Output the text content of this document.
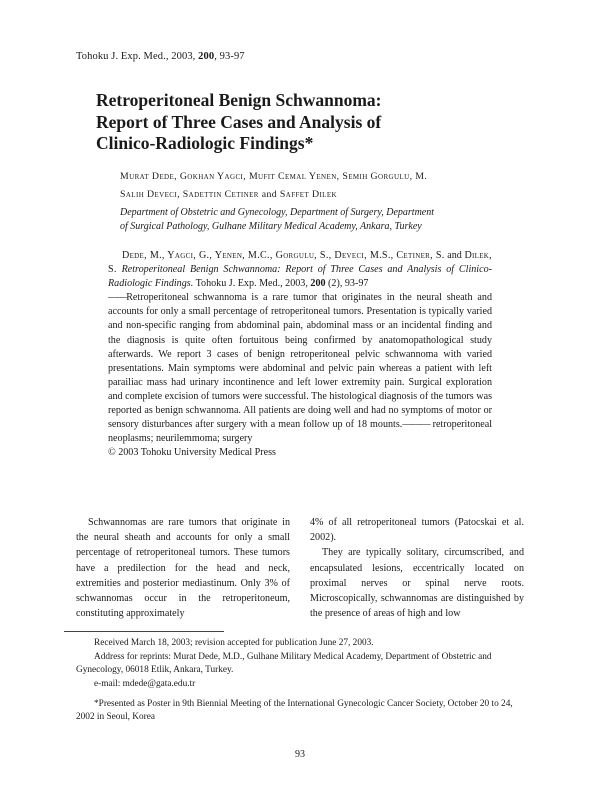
Tohoku J. Exp. Med., 2003, 200, 93-97
Retroperitoneal Benign Schwannoma:
Report of Three Cases and Analysis of
Clinico-Radiologic Findings*
Murat Dede, Gokhan Yagci, Mufit Cemal Yenen, Semih Gorgulu, M.
Salih Deveci, Sadettin Cetiner and Saffet Dilek
Department of Obstetric and Gynecology, Department of Surgery, Department
of Surgical Pathology, Gulhane Military Medical Academy, Ankara, Turkey
Dede, M., Yagci, G., Yenen, M.C., Gorgulu, S., Deveci, M.S., Cetiner, S. and Dilek, S. Retroperitoneal Benign Schwannoma: Report of Three Cases and Analysis of Clinico-Radiologic Findings. Tohoku J. Exp. Med., 2003, 200 (2), 93-97
――Retroperitoneal schwannoma is a rare tumor that originates in the neural sheath and accounts for only a small percentage of retroperitoneal tumors. Presentation is typically varied and non-specific ranging from abdominal pain, abdominal mass or an incidental finding and the diagnosis is quite often fortuitous being confirmed by anatomopathological study afterwards. We report 3 cases of benign retroperitoneal pelvic schwannoma with varied presentations. Main symptoms were abdominal and pelvic pain whereas a patient with left parailiac mass had urinary incontinence and left lower extremity pain. Surgical exploration and complete excision of tumors were successful. The histological diagnosis of the tumors was reported as benign schwannoma. All patients are doing well and had no symptoms of motor or sensory disturbances after surgery with a mean follow up of 18 mounts.――― retroperitoneal neoplasms; neurilemmoma; surgery
© 2003 Tohoku University Medical Press

Schwannomas are rare tumors that originate in the neural sheath and accounts for only a small percentage of retroperitoneal tumors. These tumors have a predilection for the head and neck, extremities and posterior mediastinum. Only 3% of schwannomas occur in the retroperitoneum, constituting approximately

4% of all retroperitoneal tumors (Patocskai et al. 2002).

They are typically solitary, circumscribed, and encapsulated lesions, eccentrically located on proximal nerves or spinal nerve roots. Microscopically, schwannomas are distinguished by the presence of areas of high and low

Received March 18, 2003; revision accepted for publication June 27, 2003.
Address for reprints: Murat Dede, M.D., Gulhane Military Medical Academy, Department of Obstetric and Gynecology, 06018 Etlik, Ankara, Turkey.
e-mail: mdede@gata.edu.tr
*Presented as Poster in 9th Biennial Meeting of the International Gynecologic Cancer Society, October 20 to 24, 2002 in Seoul, Korea
93
